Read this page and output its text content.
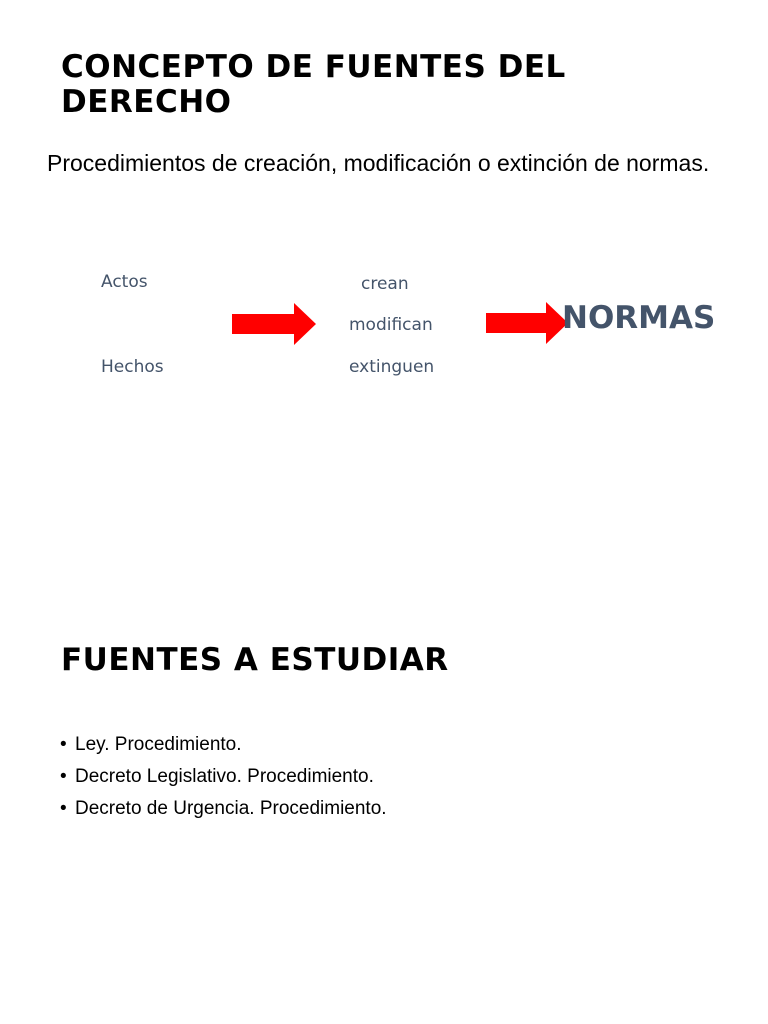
CONCEPTO DE FUENTES DEL DERECHO

Procedimientos de creación, modificación o extinción de normas.

Actos
Hechos
crean
modifican
extinguen
NORMAS
FUENTES A ESTUDIAR
• Ley. Procedimiento.
• Decreto Legislativo. Procedimiento.
• Decreto de Urgencia. Procedimiento.
